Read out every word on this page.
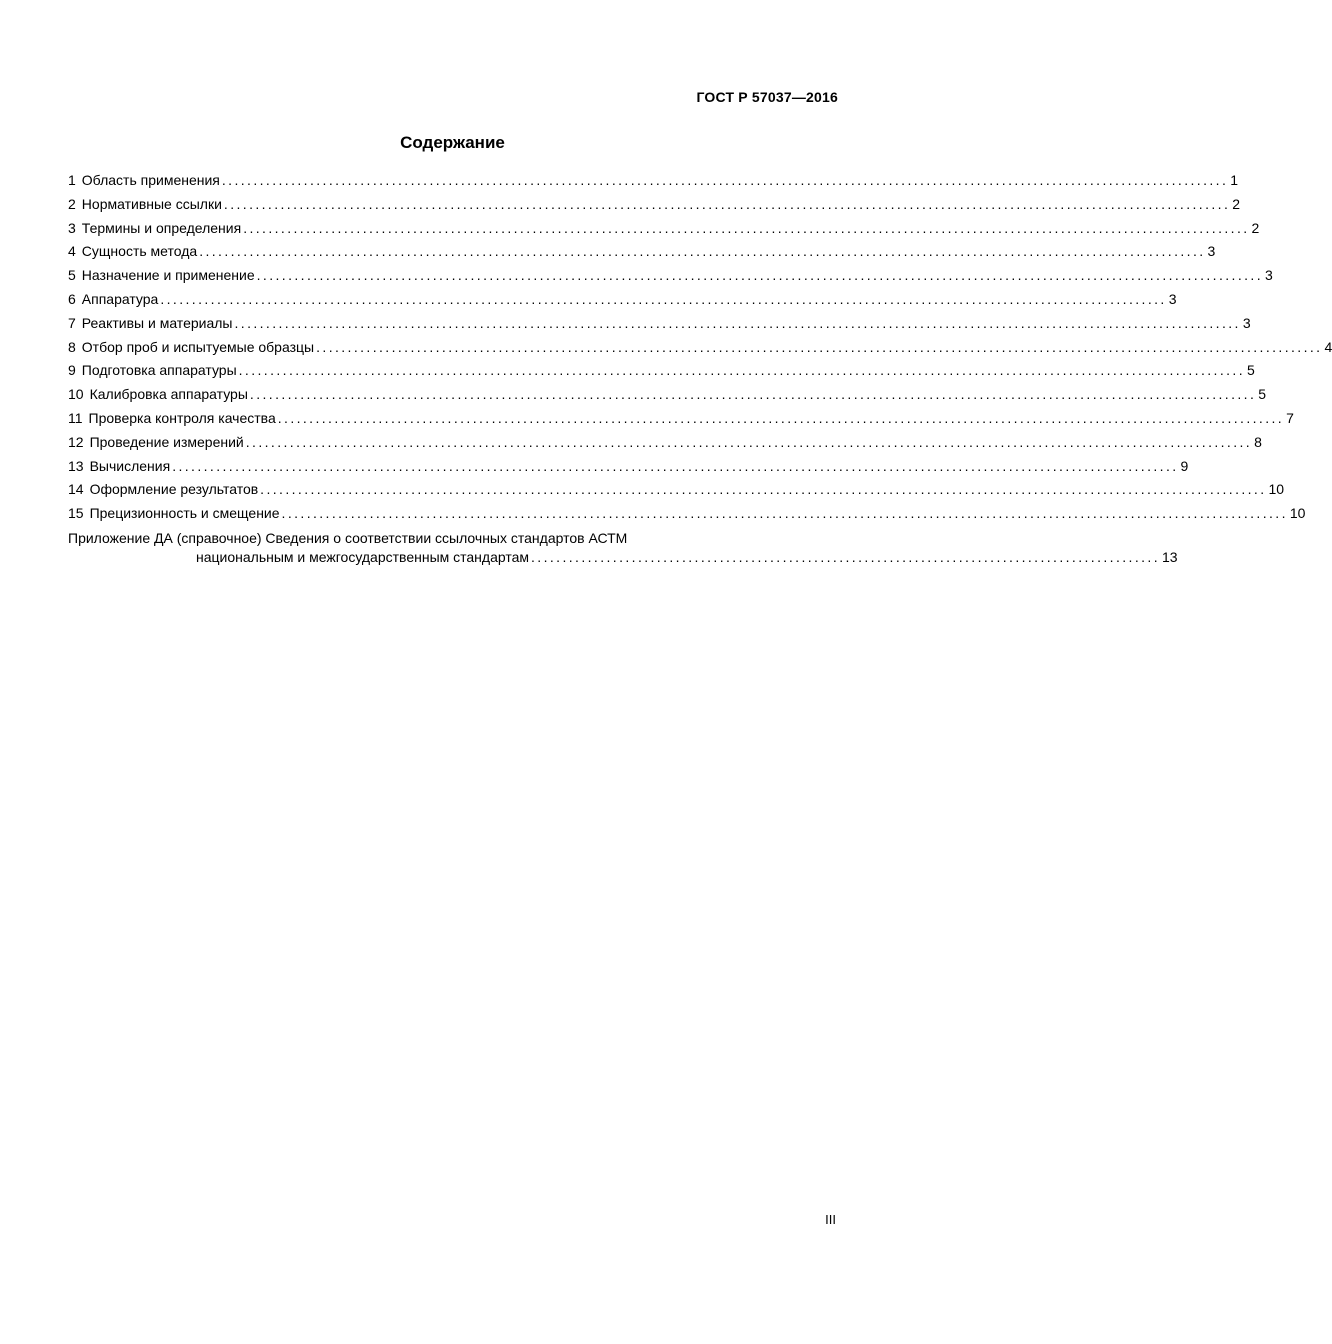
ГОСТ Р 57037—2016
Содержание
1 Область применения ................................................................................................................................................................ 1
2 Нормативные ссылки ................................................................................................................................................................ 2
3 Термины и определения ................................................................................................................................................................ 2
4 Сущность метода ................................................................................................................................................................ 3
5 Назначение и применение ................................................................................................................................................................ 3
6 Аппаратура ................................................................................................................................................................ 3
7 Реактивы и материалы ................................................................................................................................................................ 3
8 Отбор проб и испытуемые образцы ................................................................................................................................................................ 4
9 Подготовка аппаратуры ................................................................................................................................................................ 5
10 Калибровка аппаратуры ................................................................................................................................................................ 5
11 Проверка контроля качества ................................................................................................................................................................ 7
12 Проведение измерений ................................................................................................................................................................ 8
13 Вычисления ................................................................................................................................................................ 9
14 Оформление результатов ................................................................................................................................................................ 10
15 Прецизионность и смещение ................................................................................................................................................................ 10
Приложение ДА (справочное) Сведения о соответствии ссылочных стандартов АСТМ
национальным и межгосударственным стандартам .................................................................................................... 13
III
